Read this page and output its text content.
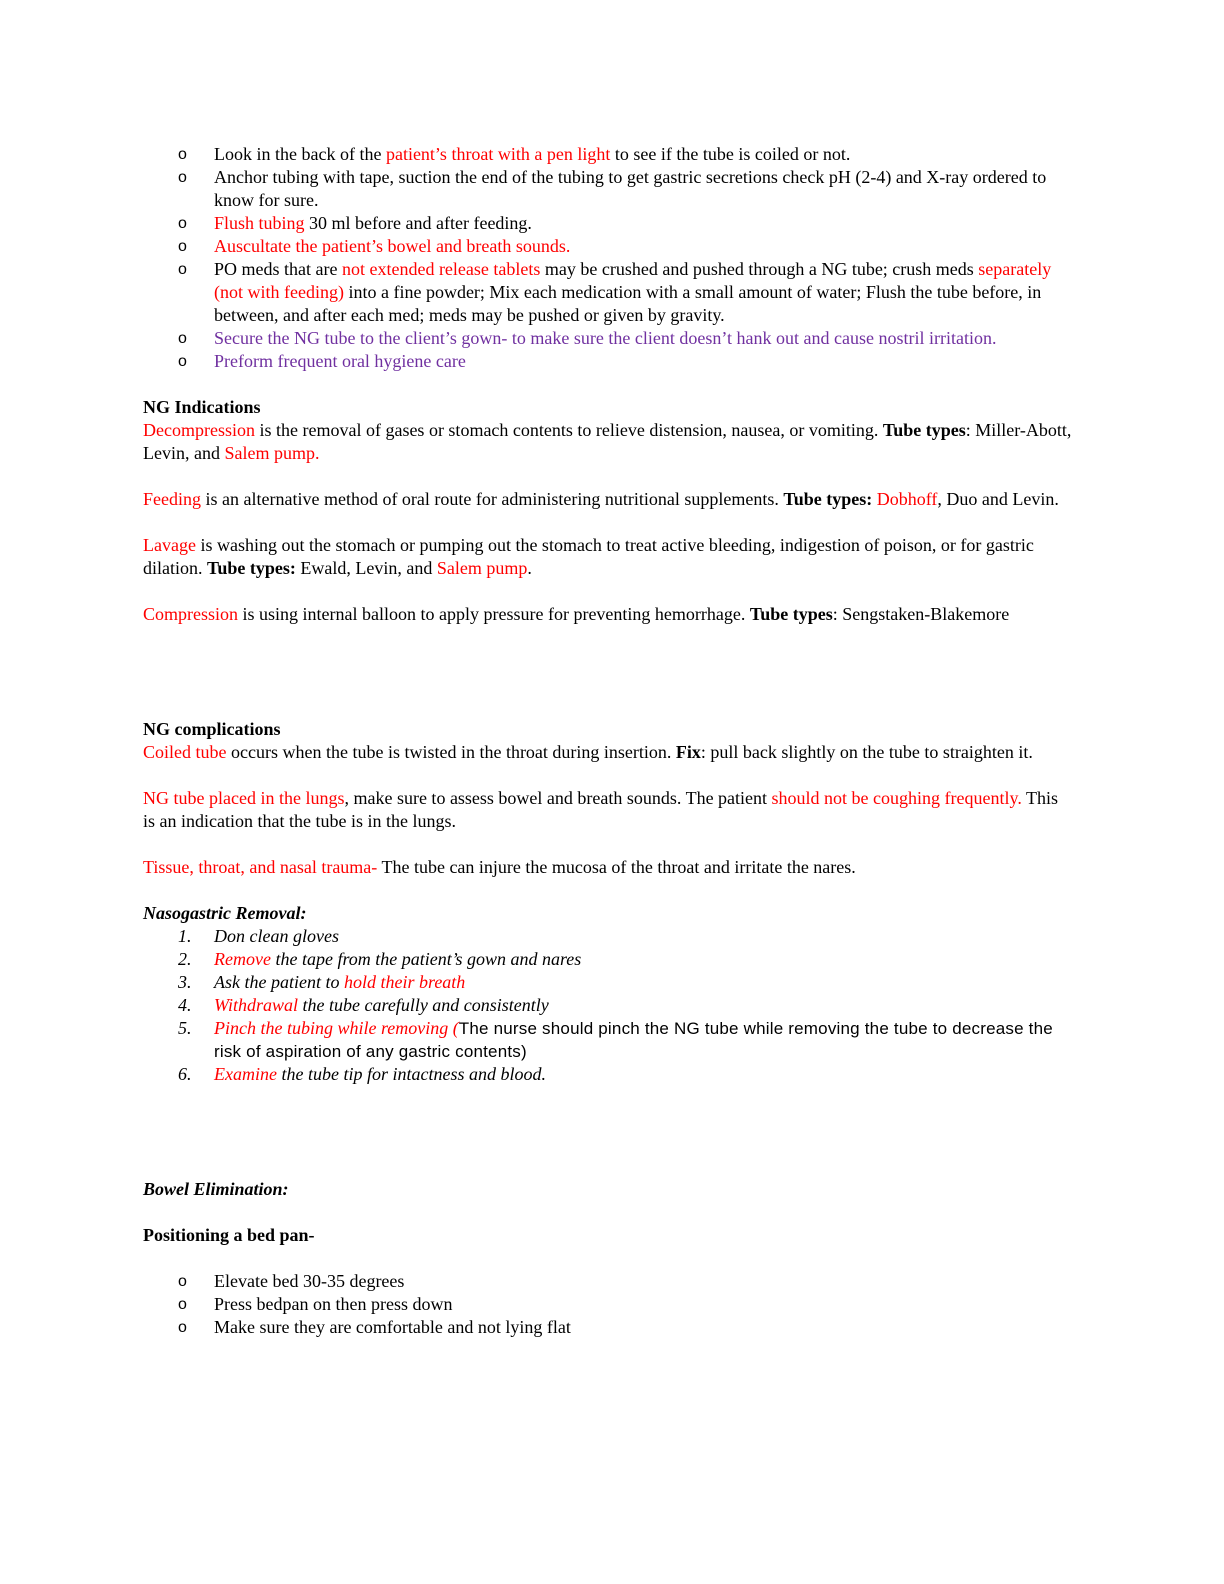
o Look in the back of the patient’s throat with a pen light to see if the tube is coiled or not.
o Anchor tubing with tape, suction the end of the tubing to get gastric secretions check pH (2-4) and X-ray ordered to know for sure.
o Flush tubing 30 ml before and after feeding.
o Auscultate the patient’s bowel and breath sounds.
o PO meds that are not extended release tablets may be crushed and pushed through a NG tube; crush meds separately (not with feeding) into a fine powder; Mix each medication with a small amount of water; Flush the tube before, in between, and after each med; meds may be pushed or given by gravity.
o Secure the NG tube to the client’s gown- to make sure the client doesn’t hank out and cause nostril irritation.
o Preform frequent oral hygiene care

NG Indications

Decompression is the removal of gases or stomach contents to relieve distension, nausea, or vomiting. Tube types: Miller-Abott, Levin, and Salem pump.

Feeding is an alternative method of oral route for administering nutritional supplements. Tube types: Dobhoff, Duo and Levin.

Lavage is washing out the stomach or pumping out the stomach to treat active bleeding, indigestion of poison, or for gastric dilation. Tube types: Ewald, Levin, and Salem pump.

Compression is using internal balloon to apply pressure for preventing hemorrhage. Tube types: Sengstaken-Blakemore

NG complications

Coiled tube occurs when the tube is twisted in the throat during insertion. Fix: pull back slightly on the tube to straighten it.

NG tube placed in the lungs, make sure to assess bowel and breath sounds. The patient should not be coughing frequently. This is an indication that the tube is in the lungs.

Tissue, throat, and nasal trauma- The tube can injure the mucosa of the throat and irritate the nares.

Nasogastric Removal:

1. Don clean gloves
2. Remove the tape from the patient’s gown and nares
3. Ask the patient to hold their breath
4. Withdrawal the tube carefully and consistently
5. Pinch the tubing while removing (The nurse should pinch the NG tube while removing the tube to decrease the risk of aspiration of any gastric contents)
6. Examine the tube tip for intactness and blood.

Bowel Elimination:

Positioning a bed pan-

o Elevate bed 30-35 degrees
o Press bedpan on then press down
o Make sure they are comfortable and not lying flat
